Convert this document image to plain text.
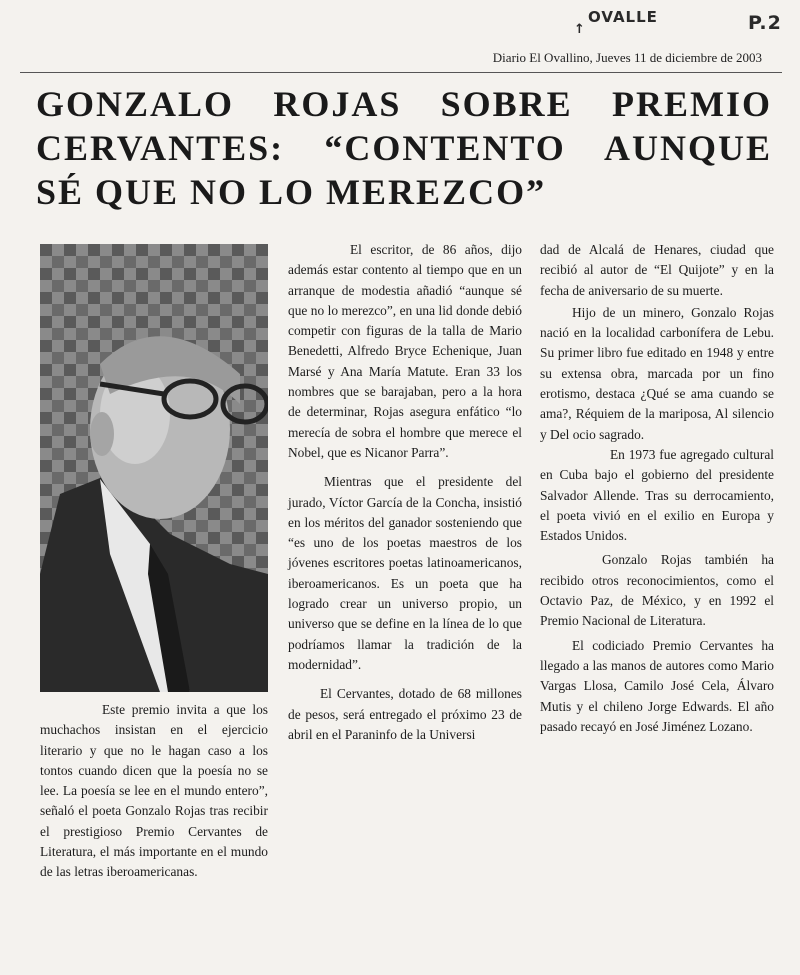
OVALLE
↑	P.2
Diario El Ovallino, Jueves 11 de diciembre de 2003
GONZALO ROJAS SOBRE PREMIO CERVANTES: “CONTENTO AUNQUE SÉ QUE NO LO MEREZCO”

Este premio invita a que los muchachos insistan en el ejercicio literario y que no le hagan caso a los tontos cuando dicen que la poesía no se lee. La poesía se lee en el mundo entero”, señaló el poeta Gonzalo Rojas tras recibir el prestigioso Premio Cervantes de Literatura, el más importante en el mundo de las letras iberoamericanas.

El escritor, de 86 años, dijo además estar contento al tiempo que en un arranque de modestia añadió “aunque sé que no lo merezco”, en una lid donde debió competir con figuras de la talla de Mario Benedetti, Alfredo Bryce Echenique, Juan Marsé y Ana María Matute. Eran 33 los nombres que se barajaban, pero a la hora de determinar, Rojas asegura enfático “lo merecía de sobra el hombre que merece el Nobel, que es Nicanor Parra”.

Mientras que el presidente del jurado, Víctor García de la Concha, insistió en los méritos del ganador sosteniendo que “es uno de los poetas maestros de los jóvenes escritores poetas latinoamericanos, iberoamericanos. Es un poeta que ha logrado crear un universo propio, un universo que se define en la línea de lo que podríamos llamar la tradición de la modernidad”.

El Cervantes, dotado de 68 millones de pesos, será entregado el próximo 23 de abril en el Paraninfo de la Universi

dad de Alcalá de Henares, ciudad que recibió al autor de “El Quijote” y en la fecha de aniversario de su muerte.

Hijo de un minero, Gonzalo Rojas nació en la localidad carbonífera de Lebu. Su primer libro fue editado en 1948 y entre su extensa obra, marcada por un fino erotismo, destaca ¿Qué se ama cuando se ama?, Réquiem de la mariposa, Al silencio y Del ocio sagrado.

En 1973 fue agregado cultural en Cuba bajo el gobierno del presidente Salvador Allende. Tras su derrocamiento, el poeta vivió en el exilio en Europa y Estados Unidos.

Gonzalo Rojas también ha recibido otros reconocimientos, como el Octavio Paz, de México, y en 1992 el Premio Nacional de Literatura.

El codiciado Premio Cervantes ha llegado a las manos de autores como Mario Vargas Llosa, Camilo José Cela, Álvaro Mutis y el chileno Jorge Edwards. El año pasado recayó en José Jiménez Lozano.
